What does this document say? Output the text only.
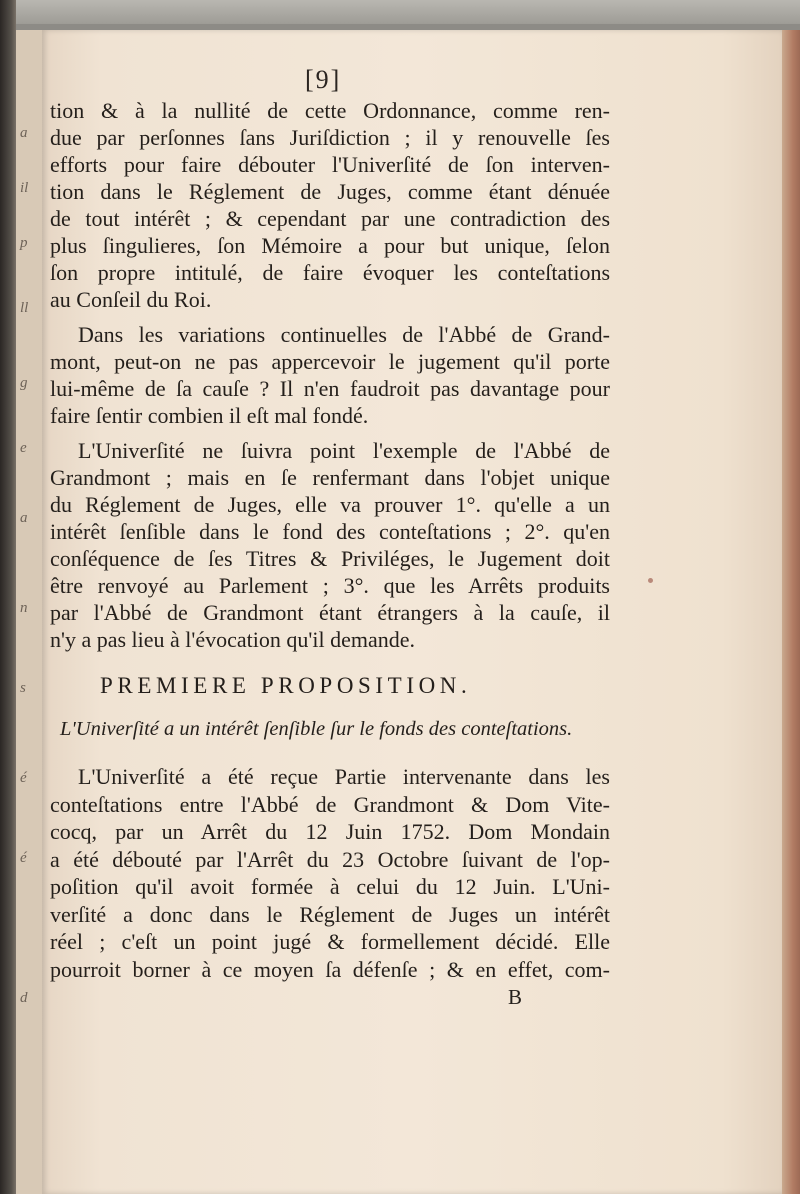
a
il
p
ll
g
e
a
n
s
é
é
d
[9]

tion & à la nullité de cette Ordonnance, comme ren-
due par perſonnes ſans Juriſdiction ; il y renouvelle ſes
efforts pour faire débouter l'Univerſité de ſon interven-
tion dans le Réglement de Juges, comme étant dénuée
de tout intérêt ; & cependant par une contradiction des
plus ſingulieres, ſon Mémoire a pour but unique, ſelon
ſon propre intitulé, de faire évoquer les conteſtations
au Conſeil du Roi.

Dans les variations continuelles de l'Abbé de Grand-
mont, peut-on ne pas appercevoir le jugement qu'il porte
lui-même de ſa cauſe ? Il n'en faudroit pas davantage pour
faire ſentir combien il eſt mal fondé.

L'Univerſité ne ſuivra point l'exemple de l'Abbé de
Grandmont ; mais en ſe renfermant dans l'objet unique
du Réglement de Juges, elle va prouver 1°. qu'elle a un
intérêt ſenſible dans le fond des conteſtations ; 2°. qu'en
conſéquence de ſes Titres & Priviléges, le Jugement doit
être renvoyé au Parlement ; 3°. que les Arrêts produits
par l'Abbé de Grandmont étant étrangers à la cauſe, il
n'y a pas lieu à l'évocation qu'il demande.

PREMIERE PROPOSITION.
L'Univerſité a un intérêt ſenſible ſur le fonds des conteſtations.

L'Univerſité a été reçue Partie intervenante dans les
conteſtations entre l'Abbé de Grandmont & Dom Vite-
cocq, par un Arrêt du 12 Juin 1752. Dom Mondain
a été débouté par l'Arrêt du 23 Octobre ſuivant de l'op-
poſition qu'il avoit formée à celui du 12 Juin. L'Uni-
verſité a donc dans le Réglement de Juges un intérêt
réel ; c'eſt un point jugé & formellement décidé. Elle
pourroit borner à ce moyen ſa défenſe ; & en effet, com-

B
